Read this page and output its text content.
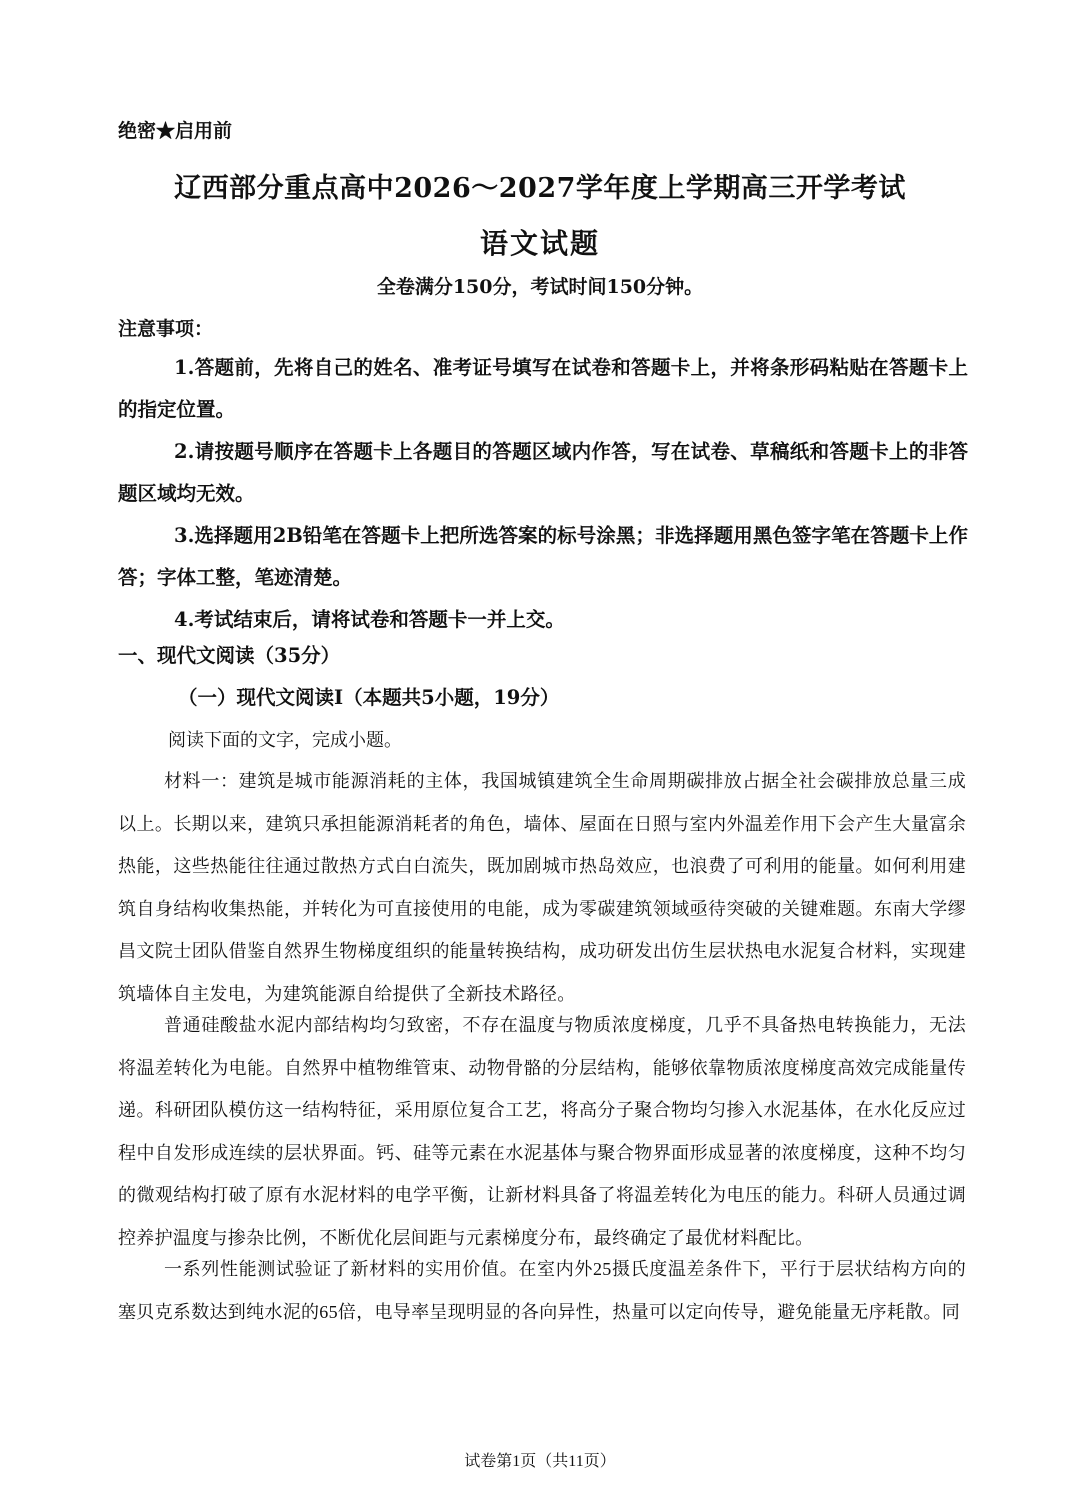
绝密★启用前

辽西部分重点高中2026～2027学年度上学期高三开学考试

语文试题

全卷满分150分，考试时间150分钟。

注意事项：

1.答题前，先将自己的姓名、准考证号填写在试卷和答题卡上，并将条形码粘贴在答题卡上的指定位置。

2.请按题号顺序在答题卡上各题目的答题区域内作答，写在试卷、草稿纸和答题卡上的非答题区域均无效。

3.选择题用2B铅笔在答题卡上把所选答案的标号涂黑；非选择题用黑色签字笔在答题卡上作答；字体工整，笔迹清楚。

4.考试结束后，请将试卷和答题卡一并上交。

一、现代文阅读（35分）

（一）现代文阅读I（本题共5小题，19分）

阅读下面的文字，完成小题。

材料一：建筑是城市能源消耗的主体，我国城镇建筑全生命周期碳排放占据全社会碳排放总量三成以上。长期以来，建筑只承担能源消耗者的角色，墙体、屋面在日照与室内外温差作用下会产生大量富余热能，这些热能往往通过散热方式白白流失，既加剧城市热岛效应，也浪费了可利用的能量。如何利用建筑自身结构收集热能，并转化为可直接使用的电能，成为零碳建筑领域亟待突破的关键难题。东南大学缪昌文院士团队借鉴自然界生物梯度组织的能量转换结构，成功研发出仿生层状热电水泥复合材料，实现建筑墙体自主发电，为建筑能源自给提供了全新技术路径。

普通硅酸盐水泥内部结构均匀致密，不存在温度与物质浓度梯度，几乎不具备热电转换能力，无法将温差转化为电能。自然界中植物维管束、动物骨骼的分层结构，能够依靠物质浓度梯度高效完成能量传递。科研团队模仿这一结构特征，采用原位复合工艺，将高分子聚合物均匀掺入水泥基体，在水化反应过程中自发形成连续的层状界面。钙、硅等元素在水泥基体与聚合物界面形成显著的浓度梯度，这种不均匀的微观结构打破了原有水泥材料的电学平衡，让新材料具备了将温差转化为电压的能力。科研人员通过调控养护温度与掺杂比例，不断优化层间距与元素梯度分布，最终确定了最优材料配比。

一系列性能测试验证了新材料的实用价值。在室内外25摄氏度温差条件下，平行于层状结构方向的塞贝克系数达到纯水泥的65倍，电导率呈现明显的各向异性，热量可以定向传导，避免能量无序耗散。同

试卷第1页（共11页）
